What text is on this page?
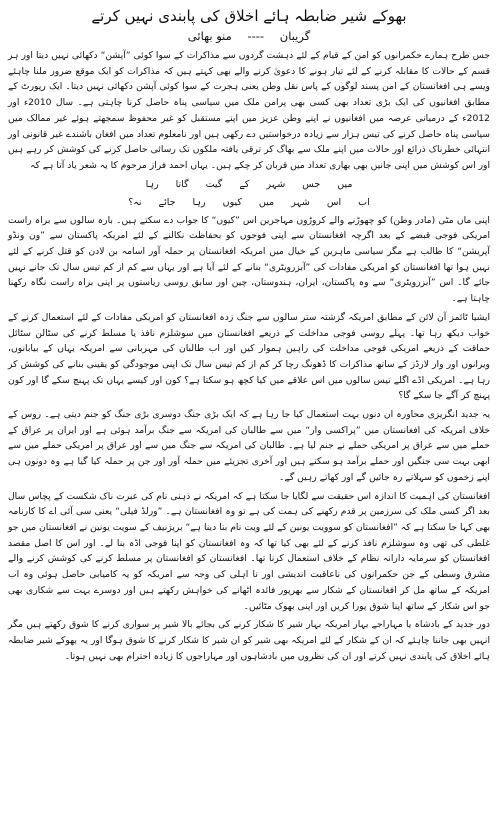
بھوکے شیر ضابطہ ہائے اخلاق کی پابندی نہیں کرتے
گریبان ---- منو بھائی

جس طرح ہمارے حکمرانوں کو امن کے قیام کے لئے دہشت گردوں سے مذاکرات کے سوا کوئی ”آپشن“ دکھائی نہیں دیتا اور ہر قسم کے حالات کا مقابلہ کرنے کے لئے تیار ہونے کا دعویٰ کرنے والے بھی کہتے ہیں کہ مذاکرات کو ایک موقع ضرور ملنا چاہئے ویسے ہی افغانستان کے امن پسند لوگوں کے پاس نقل وطن یعنی ہجرت کے سوا کوئی آپشن دکھائی نہیں دیتا۔ ایک رپورٹ کے مطابق افغانیوں کی ایک بڑی تعداد بھی کسی بھی پرامن ملک میں سیاسی پناہ حاصل کرنا چاہتی ہے۔ سال 2010ء اور 2012ء کے درمیانی عرصہ میں افغانیوں نے اپنے وطن عزیز میں اپنے مستقبل کو غیر محفوظ سمجھتے ہوئے غیر ممالک میں سیاسی پناہ حاصل کرنے کی تیس ہزار سے زیادہ درخواستیں دے رکھی ہیں اور نامعلوم تعداد میں افغان باشندے غیر قانونی اور انتہائی خطرناک ذرائع اور حالات میں اپنے ملک سے بھاگ کر ترقی یافتہ ملکوں تک رسائی حاصل کرنے کی کوشش کر رہے ہیں اور اس کوشش میں اپنی جانیں بھی بھاری تعداد میں قربان کر چکے ہیں۔ یہاں احمد فراز مرحوم کا یہ شعر یاد آتا ہے کہ

میں جس شہر کے گیت گاتا رہا
اب اس شہر میں کیوں رہا جائے نہ؟

اپنی ماں مٹی (مادر وطن) کو چھوڑنے والے کروڑوں مہاجرین اس ”کیوں“ کا جواب دے سکتے ہیں۔ بارہ سالوں سے براہ راست امریکی فوجی قبضے کے بعد اگرچہ افغانستان سے اپنی فوجوں کو بحفاظت نکالنے کے لئے امریکہ پاکستان سے ”ون ونڈو آپریشن“ کا طالب ہے مگر سیاسی ماہرین کے خیال میں امریکہ افغانستان پر حملہ آور اسامہ بن لادن کو قتل کرنے کے لئے نہیں ہوا تھا افغانستان کو امریکی مفادات کی ”آبزرویٹری“ بنانے کے لئے آیا ہے اور یہاں سے کم از کم تیس سال تک جانے نہیں جائے گا۔ اس ”آبزرویٹری“ سے وہ پاکستان، ایران، ہندوستان، چین اور سابق روسی ریاستوں پر اپنی براہ راست نگاہ رکھنا چاہتا ہے۔

ایشیا ٹائمز آن لائن کے مطابق امریکہ گزشتہ ستر سالوں سے جنگ زدہ افغانستان کو امریکی مفادات کے لئے استعمال کرنے کے خواب دیکھ رہا تھا۔ پہلے روسی فوجی مداخلت کے ذریعے افغانستان میں سوشلزم نافذ یا مسلط کرنے کی سٹالن سٹائل حماقت کے ذریعے امریکی فوجی مداخلت کی راہیں ہموار کیں اور اب طالبان کی مہربانی سے امریکہ یہاں کے بیابانوں، ویرانوں اور وار لارڈز کے ساتھ مذاکرات کا ڈھونگ رچا کر کم از کم تیس سال تک اپنی موجودگی کو یقینی بنانے کی کوشش کر رہا ہے۔ امریکی اڈے اگلے تیس سالوں میں اس علاقے میں کیا کچھ ہو سکتا ہے؟ کون اور کیسے یہاں تک پہنچ سکے گا اور کون پہنچ کر آگے جا سکے گا؟

یہ جدید انگریزی محاورہ ان دنوں بہت استعمال کیا جا رہا ہے کہ ایک بڑی جنگ دوسری بڑی جنگ کو جنم دیتی ہے۔ روس کے خلاف امریکہ کی افغانستان میں ”پراکسی وار“ میں سے طالبان کی امریکہ سے جنگ برآمد ہوئی ہے اور ایران پر عراق کے حملے میں سے عراق پر امریکی حملے نے جنم لیا ہے۔ طالبان کی امریکہ سے جنگ میں سے اور عراق پر امریکی حملے میں سے ابھی بہت سی جنگیں اور حملے برآمد ہو سکتے ہیں اور آخری تجزیئے میں حملہ آور اور جن پر حملہ کیا گیا ہے وہ دونوں ہی اپنے زخموں کو سہلاتے رہ جائیں گے اور کھاتے رہیں گے۔

افغانستان کی اہمیت کا اندازہ اس حقیقت سے لگایا جا سکتا ہے کہ امریکہ نے ذہنی نام کی عبرت ناک شکست کے پچاس سال بعد اگر کسی ملک کی سرزمین پر قدم رکھنے کی ہمت کی ہے تو وہ افغانستان ہے۔ ”ورلڈ فیلی“ یعنی سی آئی اے کا کارنامہ بھی کہا جا سکتا ہے کہ ”افغانستان کو سوویت یونین کے لئے ویت نام بنا دینا ہے“ بریژنیف کے سویت یونین نے افغانستان میں جو غلطی کی تھی وہ سوشلزم نافذ کرنے کے لئے بھی کیا تھا کہ وہ افغانستان کو اپنا فوجی اڈہ بنا لے۔ اور اس کا اصل مقصد افغانستان کو سرمایہ دارانہ نظام کے خلاف استعمال کرنا تھا۔ افغانستان کو افغانستان پر مسلط کرنے کی کوشش کرنے والے مشرق وسطی کے جن حکمرانوں کی ناعاقبت اندیشی اور نا اہلی کی وجہ سے امریکہ کو یہ کامیابی حاصل ہوئی وہ اب امریکہ کے ساتھ مل کر افغانستان کے شکار سے بھرپور فائدہ اٹھانے کی خواہش رکھتے ہیں اور دوسرے بہت سے شکاری بھی جو اس شکار کے ساتھ اپنا شوق پورا کریں اور اپنی بھوک مٹائیں۔

دور جدید کے بادشاہ یا مہاراجے بہار امریکہ بہار شیر کا شکار کرنے کی بجائے بالا شیر پر سواری کرنے کا شوق رکھتے ہیں مگر انہیں بھی جاننا چاہئے کہ ان کے شکار کے لئے امریکہ بھی شیر کو ان شیر کا شکار کرنے کا شوق ہوگا اور یہ بھوکے شیر ضابطہ ہائے اخلاق کی پابندی نہیں کرتے اور ان کی نظروں میں بادشاہوں اور مہاراجوں کا زیادہ احترام بھی نہیں ہوتا۔
